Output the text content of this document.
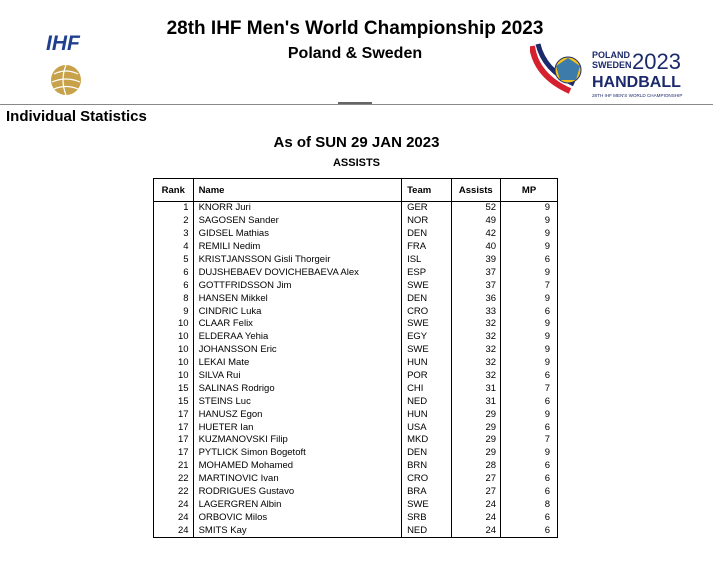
IHF
28th IHF Men's World Championship 2023
Poland & Sweden	POLAND
SWEDEN 2023
HANDBALL
28TH IHF MEN'S WORLD CHAMPIONSHIP
Individual Statistics
As of SUN 29 JAN 2023
ASSISTS
Rank	Name	Team	Assists	MP
1	KNORR Juri	GER	52	9
2	SAGOSEN Sander	NOR	49	9
3	GIDSEL Mathias	DEN	42	9
4	REMILI Nedim	FRA	40	9
5	KRISTJANSSON Gisli Thorgeir	ISL	39	6
6	DUJSHEBAEV DOVICHEBAEVA Alex	ESP	37	9
6	GOTTFRIDSSON Jim	SWE	37	7
8	HANSEN Mikkel	DEN	36	9
9	CINDRIC Luka	CRO	33	6
10	CLAAR Felix	SWE	32	9
10	ELDERAA Yehia	EGY	32	9
10	JOHANSSON Eric	SWE	32	9
10	LEKAI Mate	HUN	32	9
10	SILVA Rui	POR	32	6
15	SALINAS Rodrigo	CHI	31	7
15	STEINS Luc	NED	31	6
17	HANUSZ Egon	HUN	29	9
17	HUETER Ian	USA	29	6
17	KUZMANOVSKI Filip	MKD	29	7
17	PYTLICK Simon Bogetoft	DEN	29	9
21	MOHAMED Mohamed	BRN	28	6
22	MARTINOVIC Ivan	CRO	27	6
22	RODRIGUES Gustavo	BRA	27	6
24	LAGERGREN Albin	SWE	24	8
24	ORBOVIC Milos	SRB	24	6
24	SMITS Kay	NED	24	6
